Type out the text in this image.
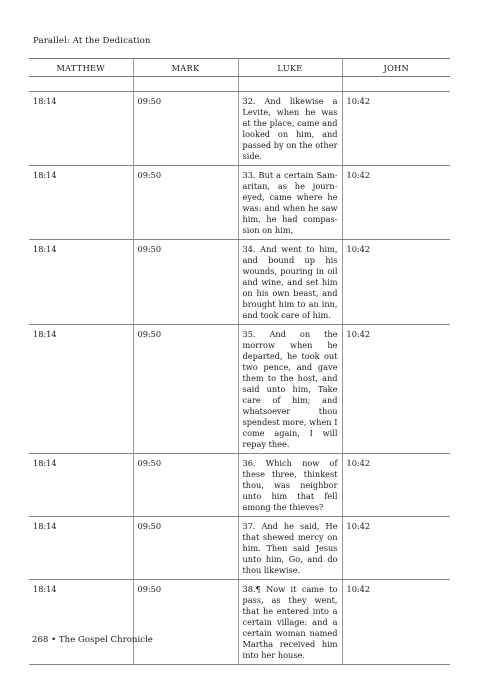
Parallel: At the Dedication
MATTHEW	MARK	LUKE	JOHN

18:14	09:50	32. And likewise a Levite, when he was at the place, came and looked on him, and passed by on the other side.	10:42
18:14	09:50	33. But a certain Samaritan, as he journeyed, came where he was: and when he saw him, he had compassion on him,	10:42
18:14	09:50	34. And went to him, and bound up his wounds, pouring in oil and wine, and set him on his own beast, and brought him to an inn, and took care of him.	10:42
18:14	09:50	35. And on the morrow when he departed, he took out two pence, and gave them to the host, and said unto him, Take care of him; and whatsoever thou spendest more, when I come again, I will repay thee.	10:42
18:14	09:50	36. Which now of these three, thinkest thou, was neighbor unto him that fell among the thieves?	10:42
18:14	09:50	37. And he said, He that shewed mercy on him. Then said Jesus unto him, Go, and do thou likewise.	10:42
18:14	09:50	38.¶ Now it came to pass, as they went, that he entered into a certain village: and a certain woman named Martha received him into her house.	10:42
268 • The Gospel Chronicle
